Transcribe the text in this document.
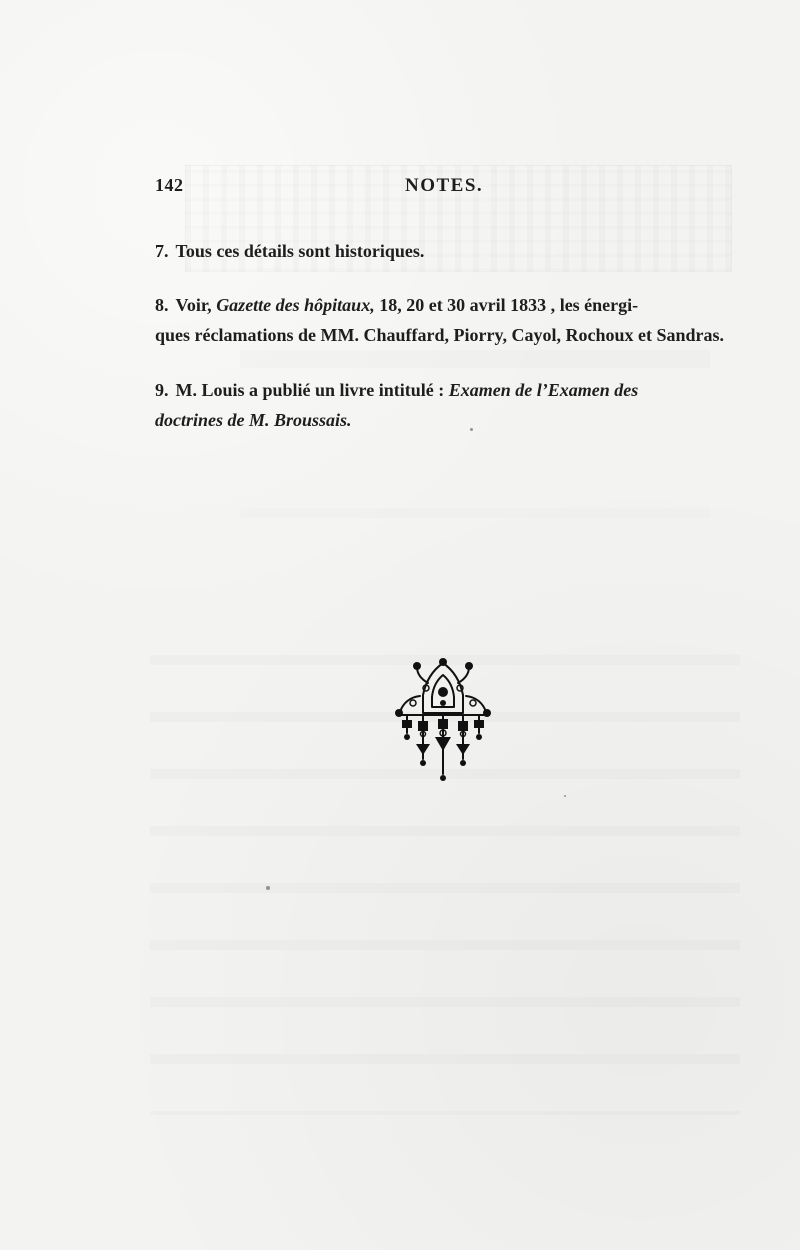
142	NOTES.
7. Tous ces détails sont historiques.
8. Voir, Gazette des hôpitaux, 18, 20 et 30 avril 1833 , les énergi-
ques réclamations de MM. Chauffard, Piorry, Cayol, Rochoux et Sandras.
9. M. Louis a publié un livre intitulé : Examen de l’Examen des
doctrines de M. Broussais.
